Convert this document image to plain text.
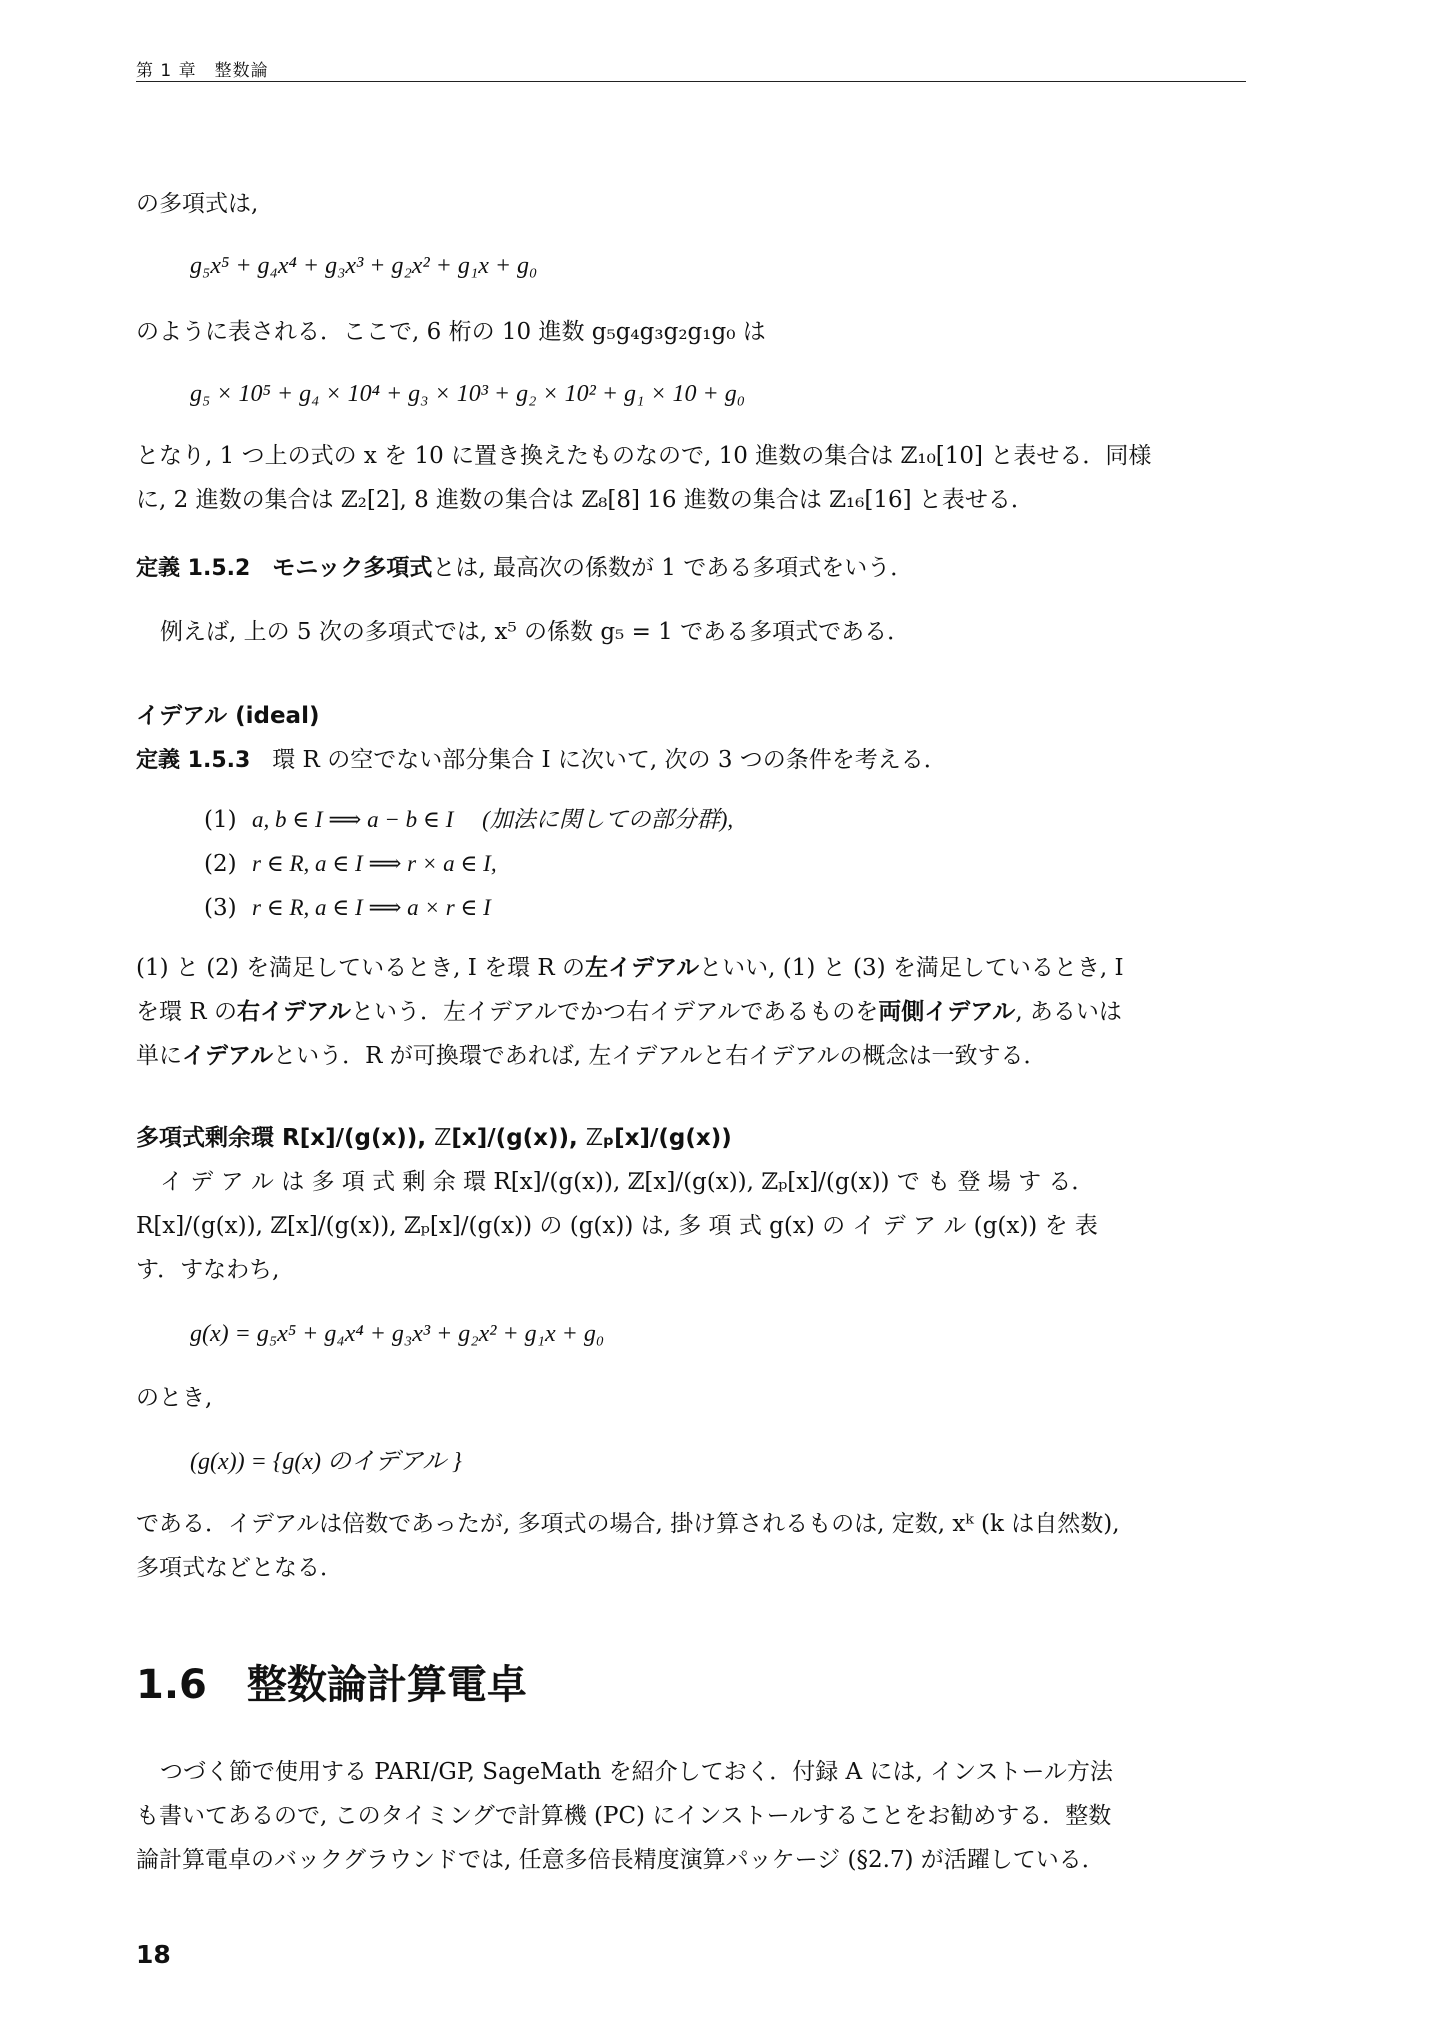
第 1 章　整数論
の多項式は,
g₅x⁵ + g₄x⁴ + g₃x³ + g₂x² + g₁x + g₀
のように表される．ここで, 6 桁の 10 進数 g₅g₄g₃g₂g₁g₀ は
g₅ × 10⁵ + g₄ × 10⁴ + g₃ × 10³ + g₂ × 10² + g₁ × 10 + g₀
となり, 1 つ上の式の x を 10 に置き換えたものなので, 10 進数の集合は ℤ₁₀[10] と表せる．同様
に, 2 進数の集合は ℤ₂[2], 8 進数の集合は ℤ₈[8] 16 進数の集合は ℤ₁₆[16] と表せる．
定義 1.5.2 モニック多項式とは, 最高次の係数が 1 である多項式をいう．
例えば, 上の 5 次の多項式では, x⁵ の係数 g₅ = 1 である多項式である．
イデアル (ideal)
定義 1.5.3 環 R の空でない部分集合 I に次いて, 次の 3 つの条件を考える．
(1) a, b ∈ I ⟹ a − b ∈ I　 (加法に関しての部分群),
(2) r ∈ R, a ∈ I ⟹ r × a ∈ I,
(3) r ∈ R, a ∈ I ⟹ a × r ∈ I
(1) と (2) を満足しているとき, I を環 R の左イデアルといい, (1) と (3) を満足しているとき, I
を環 R の右イデアルという．左イデアルでかつ右イデアルであるものを両側イデアル, あるいは
単にイデアルという．R が可換環であれば, 左イデアルと右イデアルの概念は一致する．
多項式剰余環 R[x]/(g(x)), ℤ[x]/(g(x)), ℤₚ[x]/(g(x))
イ デ ア ル は 多 項 式 剰 余 環 R[x]/(g(x)), ℤ[x]/(g(x)), ℤₚ[x]/(g(x)) で も 登 場 す る．
R[x]/(g(x)), ℤ[x]/(g(x)), ℤₚ[x]/(g(x)) の (g(x)) は, 多 項 式 g(x) の イ デ ア ル (g(x)) を 表
す．すなわち,
g(x) = g₅x⁵ + g₄x⁴ + g₃x³ + g₂x² + g₁x + g₀
のとき,
(g(x)) = {g(x) のイデアル }
である．イデアルは倍数であったが, 多項式の場合, 掛け算されるものは, 定数, xᵏ (k は自然数),
多項式などとなる．
1.6 整数論計算電卓
つづく節で使用する PARI/GP, SageMath を紹介しておく．付録 A には, インストール方法
も書いてあるので, このタイミングで計算機 (PC) にインストールすることをお勧めする．整数
論計算電卓のバックグラウンドでは, 任意多倍長精度演算パッケージ (§2.7) が活躍している．
18
